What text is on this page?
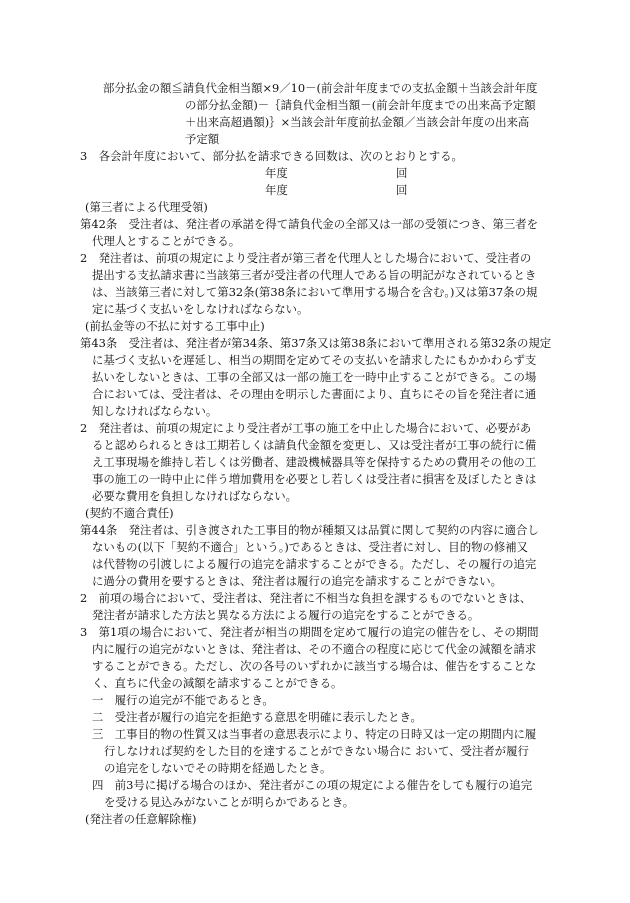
部分払金の額≦請負代金相当額×9／10－(前会計年度までの支払金額＋当該会計年度
の部分払金額)－｛請負代金相当額－(前会計年度までの出来高予定額
＋出来高超過額)｝×当該会計年度前払金額／当該会計年度の出来高
予定額
3　各会計年度において、部分払を請求できる回数は、次のとおりとする。
年度	回
年度	回
(第三者による代理受領)
第42条　受注者は、発注者の承諾を得て請負代金の全部又は一部の受領につき、第三者を
代理人とすることができる。
2　発注者は、前項の規定により受注者が第三者を代理人とした場合において、受注者の
提出する支払請求書に当該第三者が受注者の代理人である旨の明記がなされているとき
は、当該第三者に対して第32条(第38条において準用する場合を含む。)又は第37条の規
定に基づく支払いをしなければならない。
(前払金等の不払に対する工事中止)
第43条　受注者は、発注者が第34条、第37条又は第38条において準用される第32条の規定
に基づく支払いを遅延し、相当の期間を定めてその支払いを請求したにもかかわらず支
払いをしないときは、工事の全部又は一部の施工を一時中止することができる。この場
合においては、受注者は、その理由を明示した書面により、直ちにその旨を発注者に通
知しなければならない。
2　発注者は、前項の規定により受注者が工事の施工を中止した場合において、必要があ
ると認められるときは工期若しくは請負代金額を変更し、又は受注者が工事の続行に備
え工事現場を維持し若しくは労働者、建設機械器具等を保持するための費用その他の工
事の施工の一時中止に伴う増加費用を必要とし若しくは受注者に損害を及ぼしたときは
必要な費用を負担しなければならない。
(契約不適合責任)
第44条　発注者は、引き渡された工事目的物が種類又は品質に関して契約の内容に適合し
ないもの(以下「契約不適合」という。)であるときは、受注者に対し、目的物の修補又
は代替物の引渡しによる履行の追完を請求することができる。ただし、その履行の追完
に過分の費用を要するときは、発注者は履行の追完を請求することができない。
2　前項の場合において、受注者は、発注者に不相当な負担を課するものでないときは、
発注者が請求した方法と異なる方法による履行の追完をすることができる。
3　第1項の場合において、発注者が相当の期間を定めて履行の追完の催告をし、その期間
内に履行の追完がないときは、発注者は、その不適合の程度に応じて代金の減額を請求
することができる。ただし、次の各号のいずれかに該当する場合は、催告をすることな
く、直ちに代金の減額を請求することができる。
一　履行の追完が不能であるとき。
二　受注者が履行の追完を拒絶する意思を明確に表示したとき。
三　工事目的物の性質又は当事者の意思表示により、特定の日時又は一定の期間内に履
行しなければ契約をした目的を達することができない場合に おいて、受注者が履行
の追完をしないでその時期を経過したとき。
四　前3号に掲げる場合のほか、発注者がこの項の規定による催告をしても履行の追完
を受ける見込みがないことが明らかであるとき。
(発注者の任意解除権)
